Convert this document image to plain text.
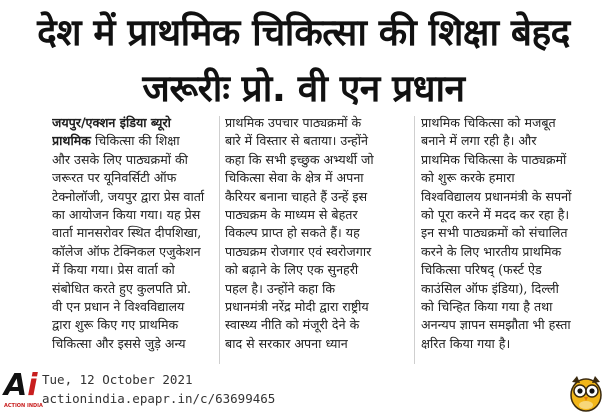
देश में प्राथमिक चिकित्सा की शिक्षा बेहद
जरूरीः प्रो. वी एन प्रधान
जयपुर/एक्शन इंडिया ब्यूरो
प्राथमिक चिकित्सा की शिक्षा
और उसके लिए पाठ्यक्रमों की
जरूरत पर यूनिवर्सिटी ऑफ
टेक्नोलॉजी, जयपुर द्वारा प्रेस वार्ता
का आयोजन किया गया। यह प्रेस
वार्ता मानसरोवर स्थित दीपशिखा,
कॉलेज ऑफ टेक्निकल एजुकेशन
में किया गया। प्रेस वार्ता को
संबोधित करते हुए कुलपति प्रो.
वी एन प्रधान ने विश्वविद्यालय
द्वारा शुरू किए गए प्राथमिक
चिकित्सा और इससे जुड़े अन्य
प्राथमिक उपचार पाठ्यक्रमों के
बारे में विस्तार से बताया। उन्होंने
कहा कि सभी इच्छुक अभ्यर्थी जो
चिकित्सा सेवा के क्षेत्र में अपना
कैरियर बनाना चाहते हैं उन्हें इस
पाठ्यक्रम के माध्यम से बेहतर
विकल्प प्राप्त हो सकते हैं। यह
पाठ्यक्रम रोजगार एवं स्वरोजगार
को बढ़ाने के लिए एक सुनहरी
पहल है। उन्होंने कहा कि
प्रधानमंत्री नरेंद्र मोदी द्वारा राष्ट्रीय
स्वास्थ्य नीति को मंजूरी देने के
बाद से सरकार अपना ध्यान
प्राथमिक चिकित्सा को मजबूत
बनाने में लगा रही है। और
प्राथमिक चिकित्सा के पाठ्यक्रमों
को शुरू करके हमारा
विश्वविद्यालय प्रधानमंत्री के सपनों
को पूरा करने में मदद कर रहा है।
इन सभी पाठ्यक्रमों को संचालित
करने के लिए भारतीय प्राथमिक
चिकित्सा परिषद् (फर्स्ट ऐड
काउंसिल ऑफ इंडिया), दिल्ली
को चिन्हित किया गया है तथा
अनन्यप ज्ञापन समझौता भी हस्ता
क्षरित किया गया है।
Ai
ACTION INDIA
Tue, 12 October 2021
actionindia.epapr.in/c/63699465
